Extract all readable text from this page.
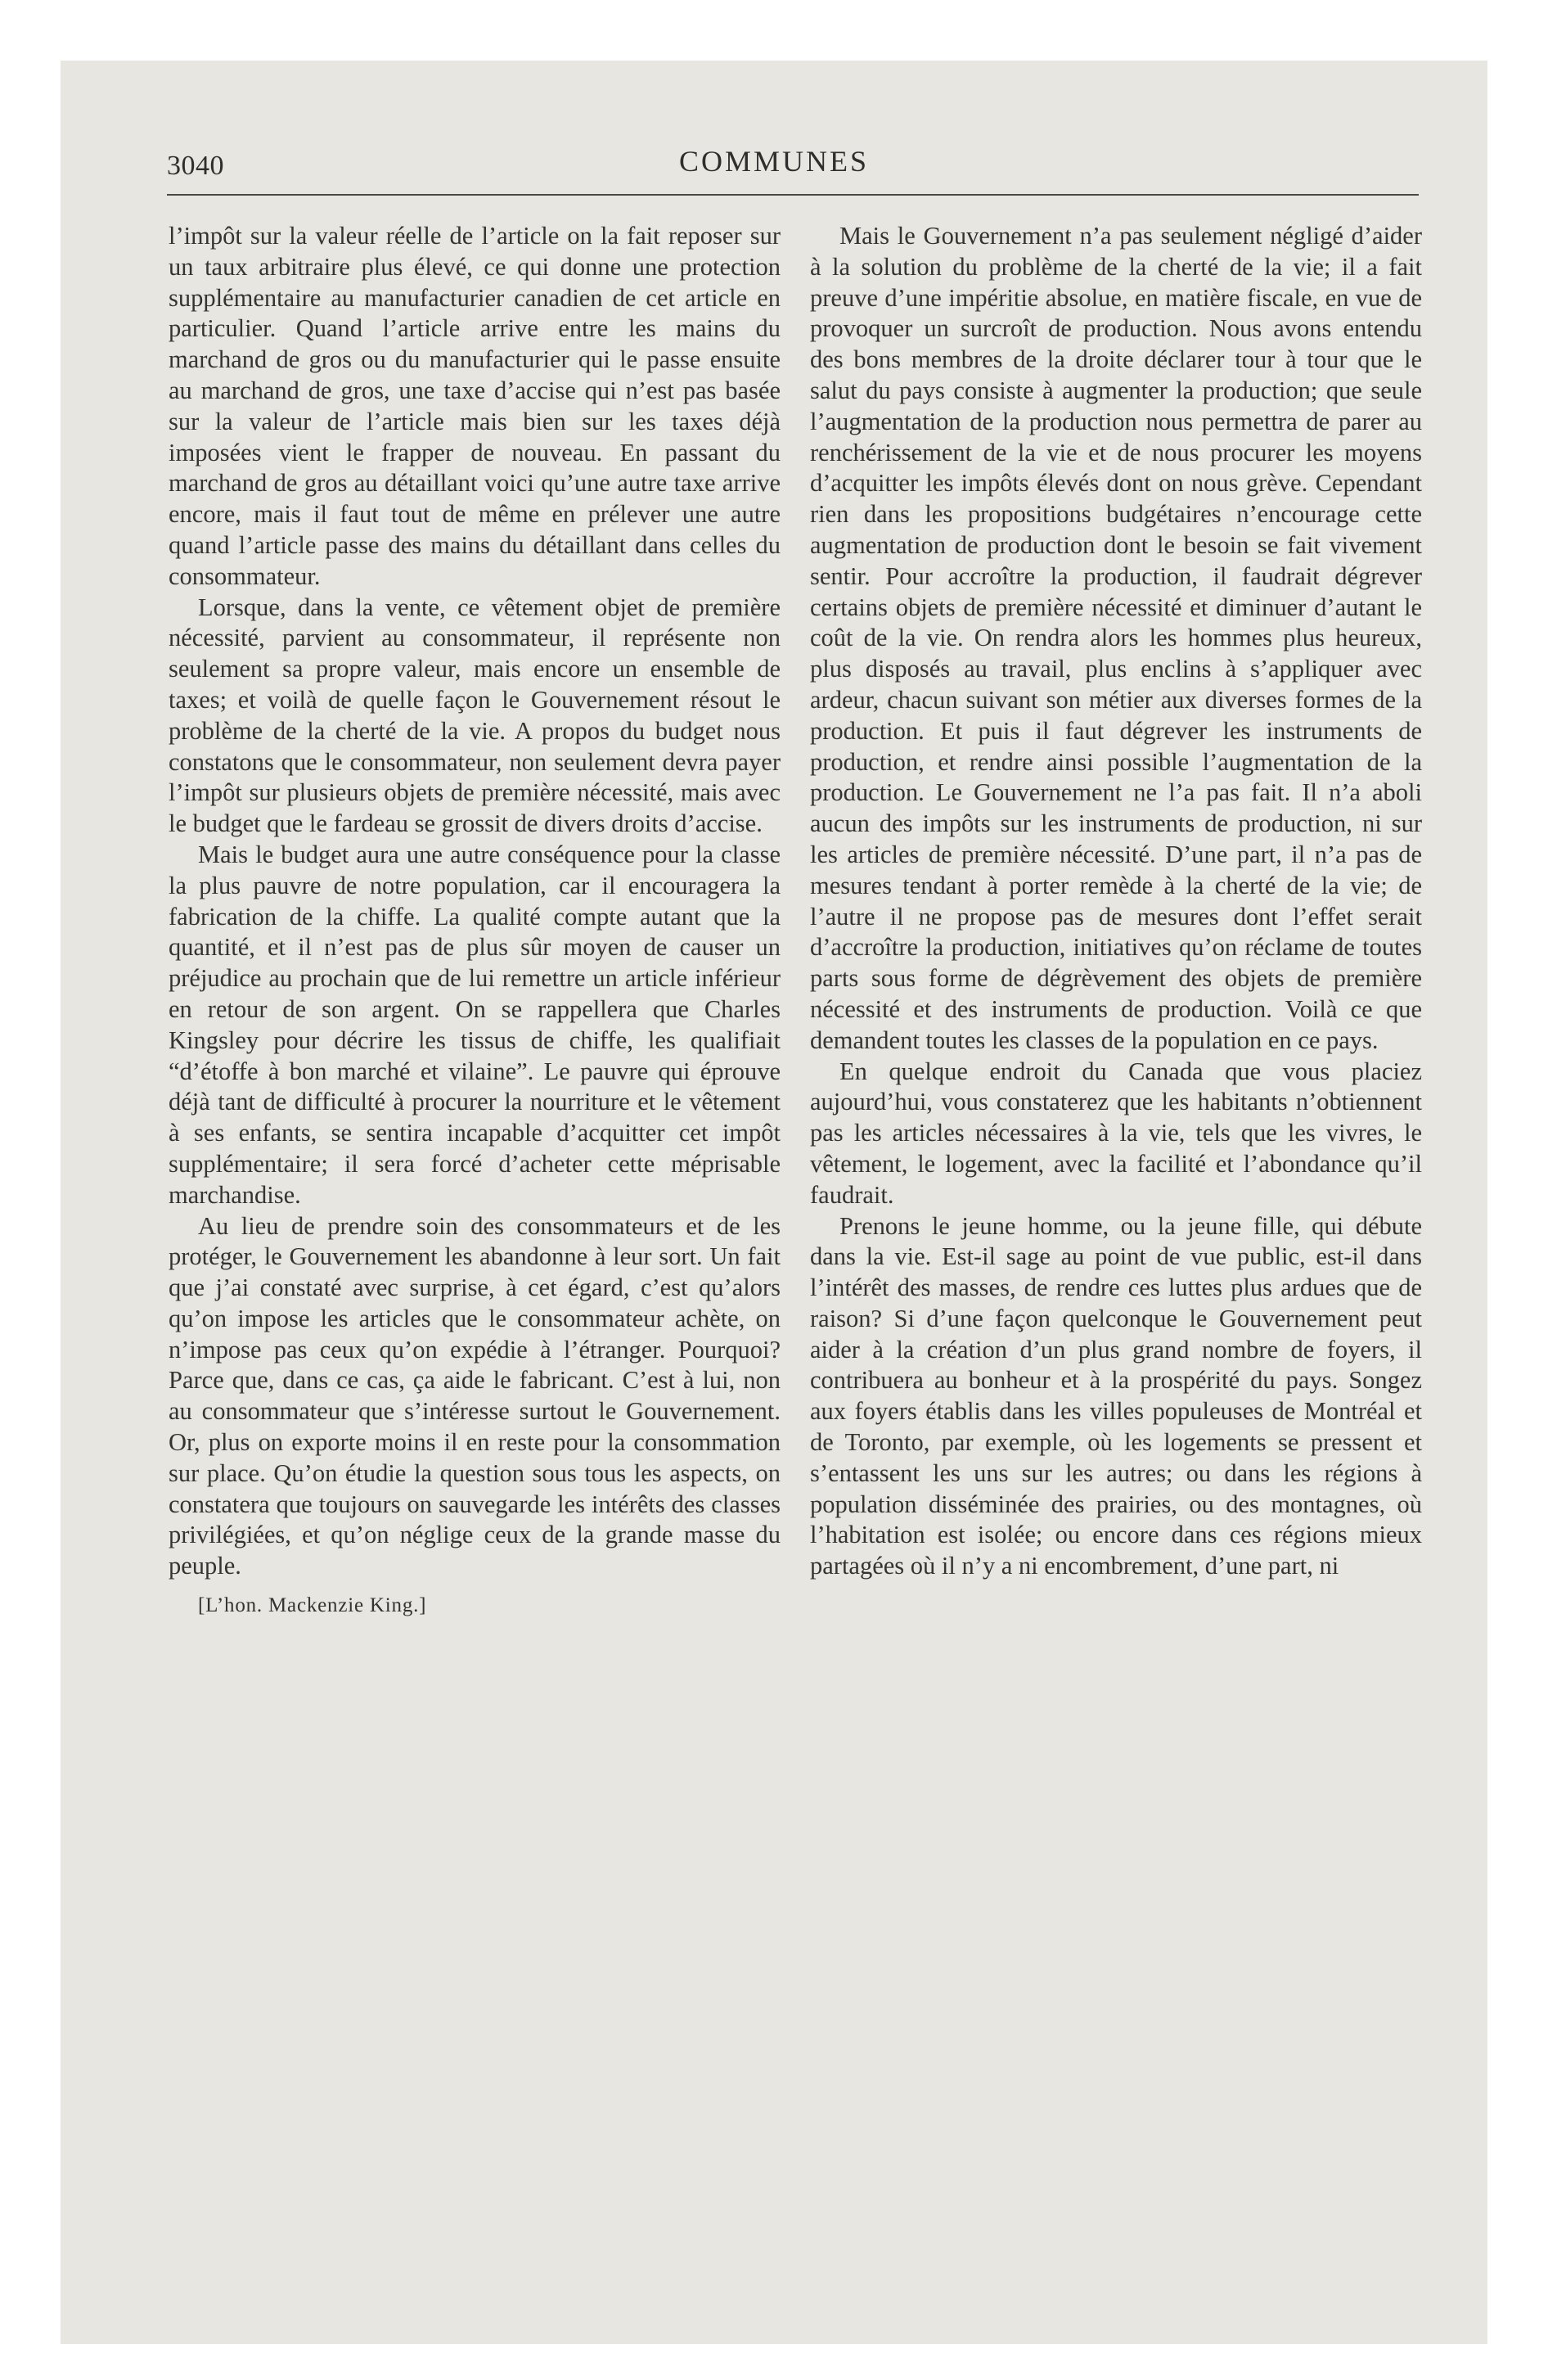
3040	COMMUNES

l’impôt sur la valeur réelle de l’article on la fait reposer sur un taux arbitraire plus élevé, ce qui donne une protection supplémentaire au manufacturier canadien de cet article en particulier. Quand l’article arrive entre les mains du marchand de gros ou du manufacturier qui le passe ensuite au marchand de gros, une taxe d’accise qui n’est pas basée sur la valeur de l’article mais bien sur les taxes déjà imposées vient le frapper de nouveau. En passant du marchand de gros au détaillant voici qu’une autre taxe arrive encore, mais il faut tout de même en prélever une autre quand l’article passe des mains du détaillant dans celles du consommateur.

Lorsque, dans la vente, ce vêtement objet de première nécessité, parvient au consommateur, il représente non seulement sa propre valeur, mais encore un ensemble de taxes; et voilà de quelle façon le Gouvernement résout le problème de la cherté de la vie. A propos du budget nous constatons que le consommateur, non seulement devra payer l’impôt sur plusieurs objets de première nécessité, mais avec le budget que le fardeau se grossit de divers droits d’accise.

Mais le budget aura une autre conséquence pour la classe la plus pauvre de notre population, car il encouragera la fabrication de la chiffe. La qualité compte autant que la quantité, et il n’est pas de plus sûr moyen de causer un préjudice au prochain que de lui remettre un article inférieur en retour de son argent. On se rappellera que Charles Kingsley pour décrire les tissus de chiffe, les qualifiait “d’étoffe à bon marché et vilaine”. Le pauvre qui éprouve déjà tant de difficulté à procurer la nourriture et le vêtement à ses enfants, se sentira incapable d’acquitter cet impôt supplémentaire; il sera forcé d’acheter cette méprisable marchandise.

Au lieu de prendre soin des consommateurs et de les protéger, le Gouvernement les abandonne à leur sort. Un fait que j’ai constaté avec surprise, à cet égard, c’est qu’alors qu’on impose les articles que le consommateur achète, on n’impose pas ceux qu’on expédie à l’étranger. Pourquoi? Parce que, dans ce cas, ça aide le fabricant. C’est à lui, non au consommateur que s’intéresse surtout le Gouvernement. Or, plus on exporte moins il en reste pour la consommation sur place. Qu’on étudie la question sous tous les aspects, on constatera que toujours on sauvegarde les intérêts des classes privilégiées, et qu’on néglige ceux de la grande masse du peuple.

[L’hon. Mackenzie King.]

Mais le Gouvernement n’a pas seulement négligé d’aider à la solution du problème de la cherté de la vie; il a fait preuve d’une impéritie absolue, en matière fiscale, en vue de provoquer un surcroît de production. Nous avons entendu des bons membres de la droite déclarer tour à tour que le salut du pays consiste à augmenter la production; que seule l’augmentation de la production nous permettra de parer au renchérissement de la vie et de nous procurer les moyens d’acquitter les impôts élevés dont on nous grève. Cependant rien dans les propositions budgétaires n’encourage cette augmentation de production dont le besoin se fait vivement sentir. Pour accroître la production, il faudrait dégrever certains objets de première nécessité et diminuer d’autant le coût de la vie. On rendra alors les hommes plus heureux, plus disposés au travail, plus enclins à s’appliquer avec ardeur, chacun suivant son métier aux diverses formes de la production. Et puis il faut dégrever les instruments de production, et rendre ainsi possible l’augmentation de la production. Le Gouvernement ne l’a pas fait. Il n’a aboli aucun des impôts sur les instruments de production, ni sur les articles de première nécessité. D’une part, il n’a pas de mesures tendant à porter remède à la cherté de la vie; de l’autre il ne propose pas de mesures dont l’effet serait d’accroître la production, initiatives qu’on réclame de toutes parts sous forme de dégrèvement des objets de première nécessité et des instruments de production. Voilà ce que demandent toutes les classes de la population en ce pays.

En quelque endroit du Canada que vous placiez aujourd’hui, vous constaterez que les habitants n’obtiennent pas les articles nécessaires à la vie, tels que les vivres, le vêtement, le logement, avec la facilité et l’abondance qu’il faudrait.

Prenons le jeune homme, ou la jeune fille, qui débute dans la vie. Est-il sage au point de vue public, est-il dans l’intérêt des masses, de rendre ces luttes plus ardues que de raison? Si d’une façon quelconque le Gouvernement peut aider à la création d’un plus grand nombre de foyers, il contribuera au bonheur et à la prospérité du pays. Songez aux foyers établis dans les villes populeuses de Montréal et de Toronto, par exemple, où les logements se pressent et s’entassent les uns sur les autres; ou dans les régions à population disséminée des prairies, ou des montagnes, où l’habitation est isolée; ou encore dans ces régions mieux partagées où il n’y a ni encombrement, d’une part, ni
